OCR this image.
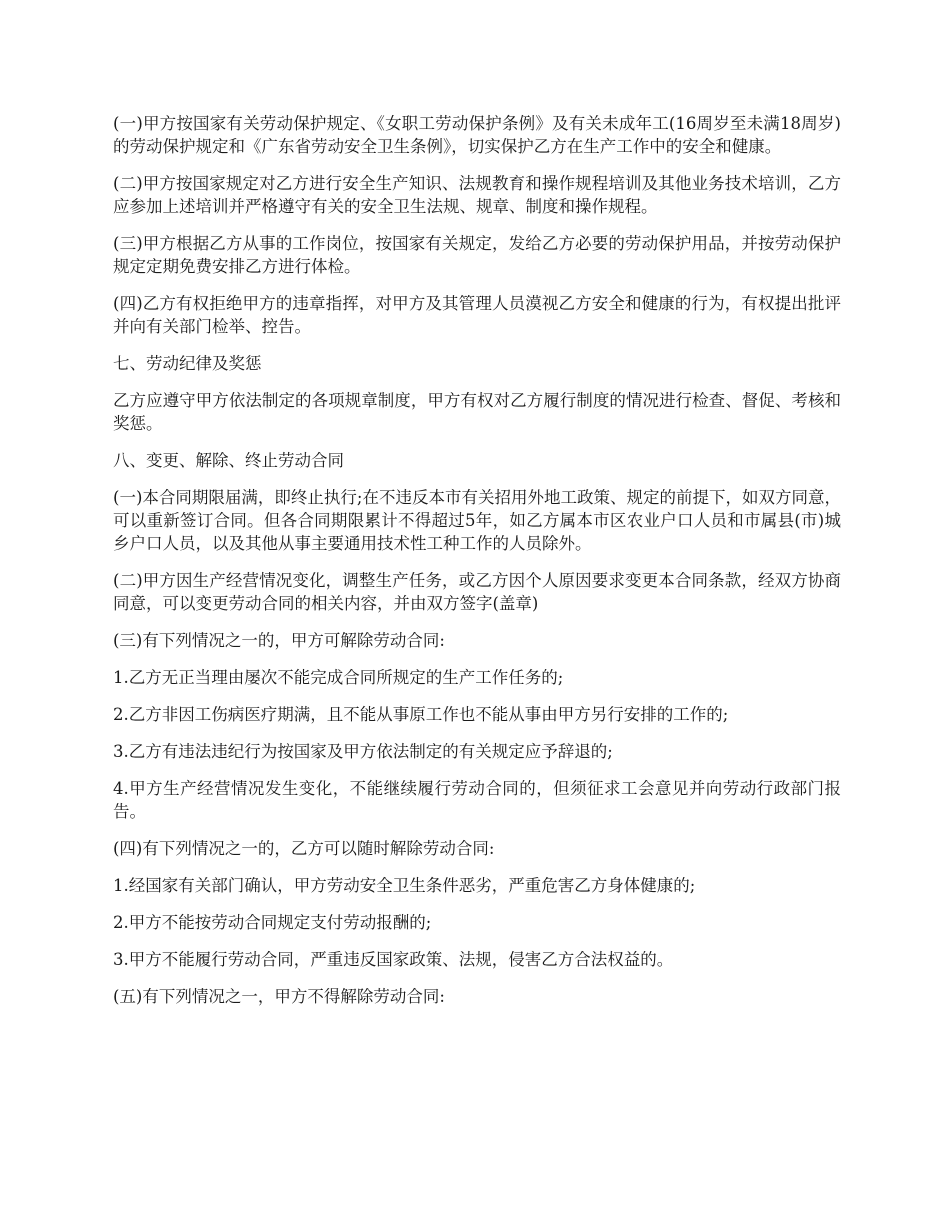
(一)甲方按国家有关劳动保护规定、《女职工劳动保护条例》及有关未成年工(16周岁至未满18周岁)的劳动保护规定和《广东省劳动安全卫生条例》，切实保护乙方在生产工作中的安全和健康。

(二)甲方按国家规定对乙方进行安全生产知识、法规教育和操作规程培训及其他业务技术培训，乙方应参加上述培训并严格遵守有关的安全卫生法规、规章、制度和操作规程。

(三)甲方根据乙方从事的工作岗位，按国家有关规定，发给乙方必要的劳动保护用品，并按劳动保护规定定期免费安排乙方进行体检。

(四)乙方有权拒绝甲方的违章指挥，对甲方及其管理人员漠视乙方安全和健康的行为，有权提出批评并向有关部门检举、控告。

七、劳动纪律及奖惩

乙方应遵守甲方依法制定的各项规章制度，甲方有权对乙方履行制度的情况进行检查、督促、考核和奖惩。

八、变更、解除、终止劳动合同

(一)本合同期限届满，即终止执行;在不违反本市有关招用外地工政策、规定的前提下，如双方同意，可以重新签订合同。但各合同期限累计不得超过5年，如乙方属本市区农业户口人员和市属县(市)城乡户口人员，以及其他从事主要通用技术性工种工作的人员除外。

(二)甲方因生产经营情况变化，调整生产任务，或乙方因个人原因要求变更本合同条款，经双方协商同意，可以变更劳动合同的相关内容，并由双方签字(盖章)

(三)有下列情况之一的，甲方可解除劳动合同:

1.乙方无正当理由屡次不能完成合同所规定的生产工作任务的;

2.乙方非因工伤病医疗期满，且不能从事原工作也不能从事由甲方另行安排的工作的;

3.乙方有违法违纪行为按国家及甲方依法制定的有关规定应予辞退的;

4.甲方生产经营情况发生变化，不能继续履行劳动合同的，但须征求工会意见并向劳动行政部门报告。

(四)有下列情况之一的，乙方可以随时解除劳动合同:

1.经国家有关部门确认，甲方劳动安全卫生条件恶劣，严重危害乙方身体健康的;

2.甲方不能按劳动合同规定支付劳动报酬的;

3.甲方不能履行劳动合同，严重违反国家政策、法规，侵害乙方合法权益的。

(五)有下列情况之一，甲方不得解除劳动合同:
